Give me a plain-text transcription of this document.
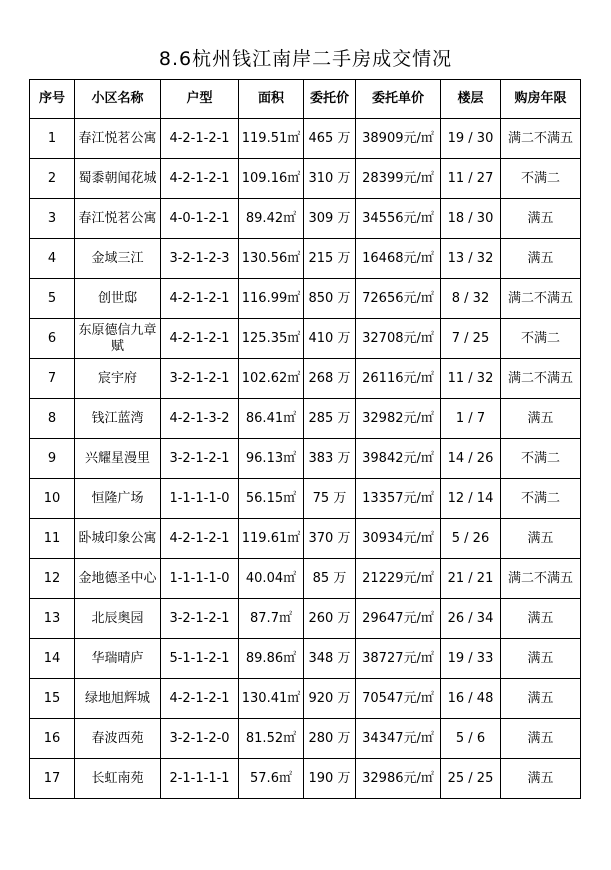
8.6杭州钱江南岸二手房成交情况
序号	小区名称	户型	面积	委托价	委托单价	楼层	购房年限
1	春江悦茗公寓	4-2-1-2-1	119.51㎡	465 万	38909元/㎡	19 / 30	满二不满五
2	蜀黍朝闻花城	4-2-1-2-1	109.16㎡	310 万	28399元/㎡	11 / 27	不满二
3	春江悦茗公寓	4-0-1-2-1	89.42㎡	309 万	34556元/㎡	18 / 30	满五
4	金域三江	3-2-1-2-3	130.56㎡	215 万	16468元/㎡	13 / 32	满五
5	创世邸	4-2-1-2-1	116.99㎡	850 万	72656元/㎡	8 / 32	满二不满五
6	东原德信九章赋	4-2-1-2-1	125.35㎡	410 万	32708元/㎡	7 / 25	不满二
7	宸宇府	3-2-1-2-1	102.62㎡	268 万	26116元/㎡	11 / 32	满二不满五
8	钱江蓝湾	4-2-1-3-2	86.41㎡	285 万	32982元/㎡	1 / 7	满五
9	兴耀星漫里	3-2-1-2-1	96.13㎡	383 万	39842元/㎡	14 / 26	不满二
10	恒隆广场	1-1-1-1-0	56.15㎡	75 万	13357元/㎡	12 / 14	不满二
11	卧城印象公寓	4-2-1-2-1	119.61㎡	370 万	30934元/㎡	5 / 26	满五
12	金地德圣中心	1-1-1-1-0	40.04㎡	85 万	21229元/㎡	21 / 21	满二不满五
13	北辰奥园	3-2-1-2-1	87.7㎡	260 万	29647元/㎡	26 / 34	满五
14	华瑞晴庐	5-1-1-2-1	89.86㎡	348 万	38727元/㎡	19 / 33	满五
15	绿地旭辉城	4-2-1-2-1	130.41㎡	920 万	70547元/㎡	16 / 48	满五
16	春波西苑	3-2-1-2-0	81.52㎡	280 万	34347元/㎡	5 / 6	满五
17	长虹南苑	2-1-1-1-1	57.6㎡	190 万	32986元/㎡	25 / 25	满五
